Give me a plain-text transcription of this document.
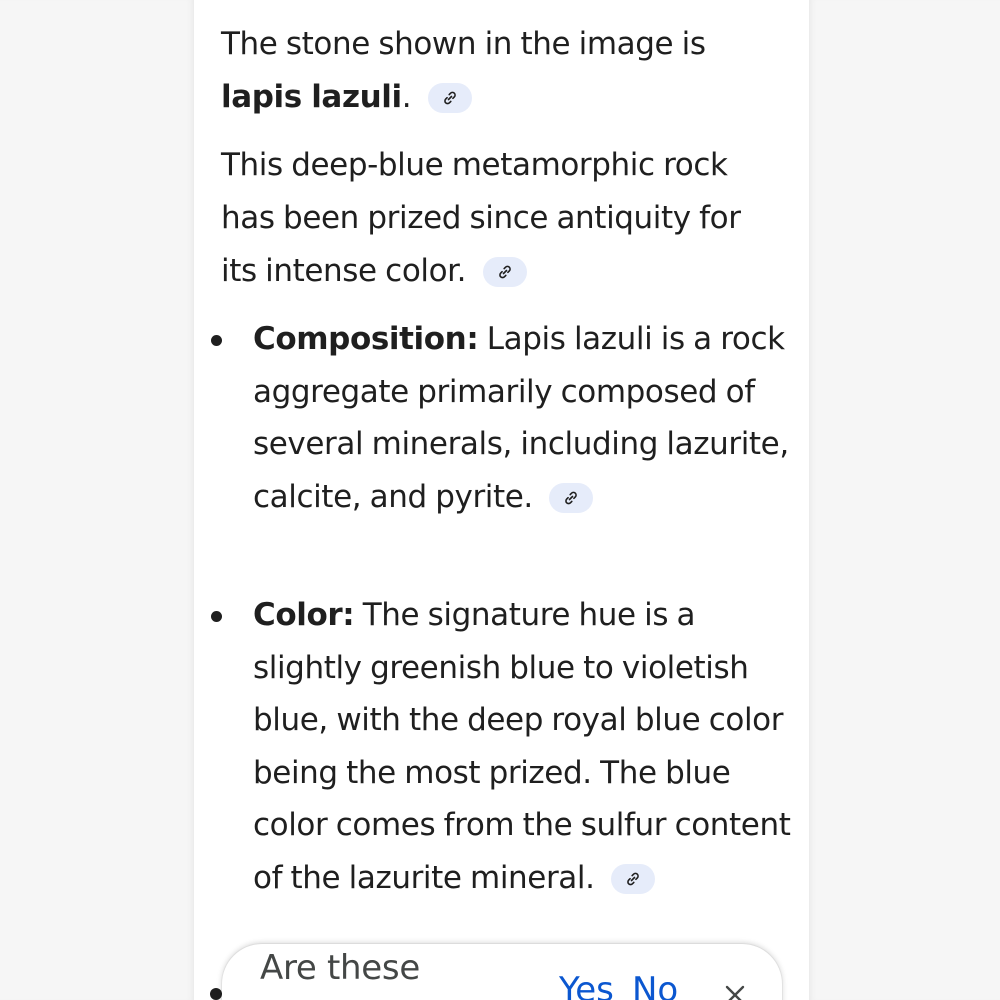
The stone shown in the image is
lapis lazuli.

This deep-blue metamorphic rock has been prized since antiquity for its intense color.

Composition: Lapis lazuli is a rock aggregate primarily composed of several minerals, including lazurite, calcite, and pyrite.
Color: The signature hue is a slightly greenish blue to violetish blue, with the deep royal blue color being the most prized. The blue color comes from the sulfur content of the lazurite mineral.
Are these
Yes No
